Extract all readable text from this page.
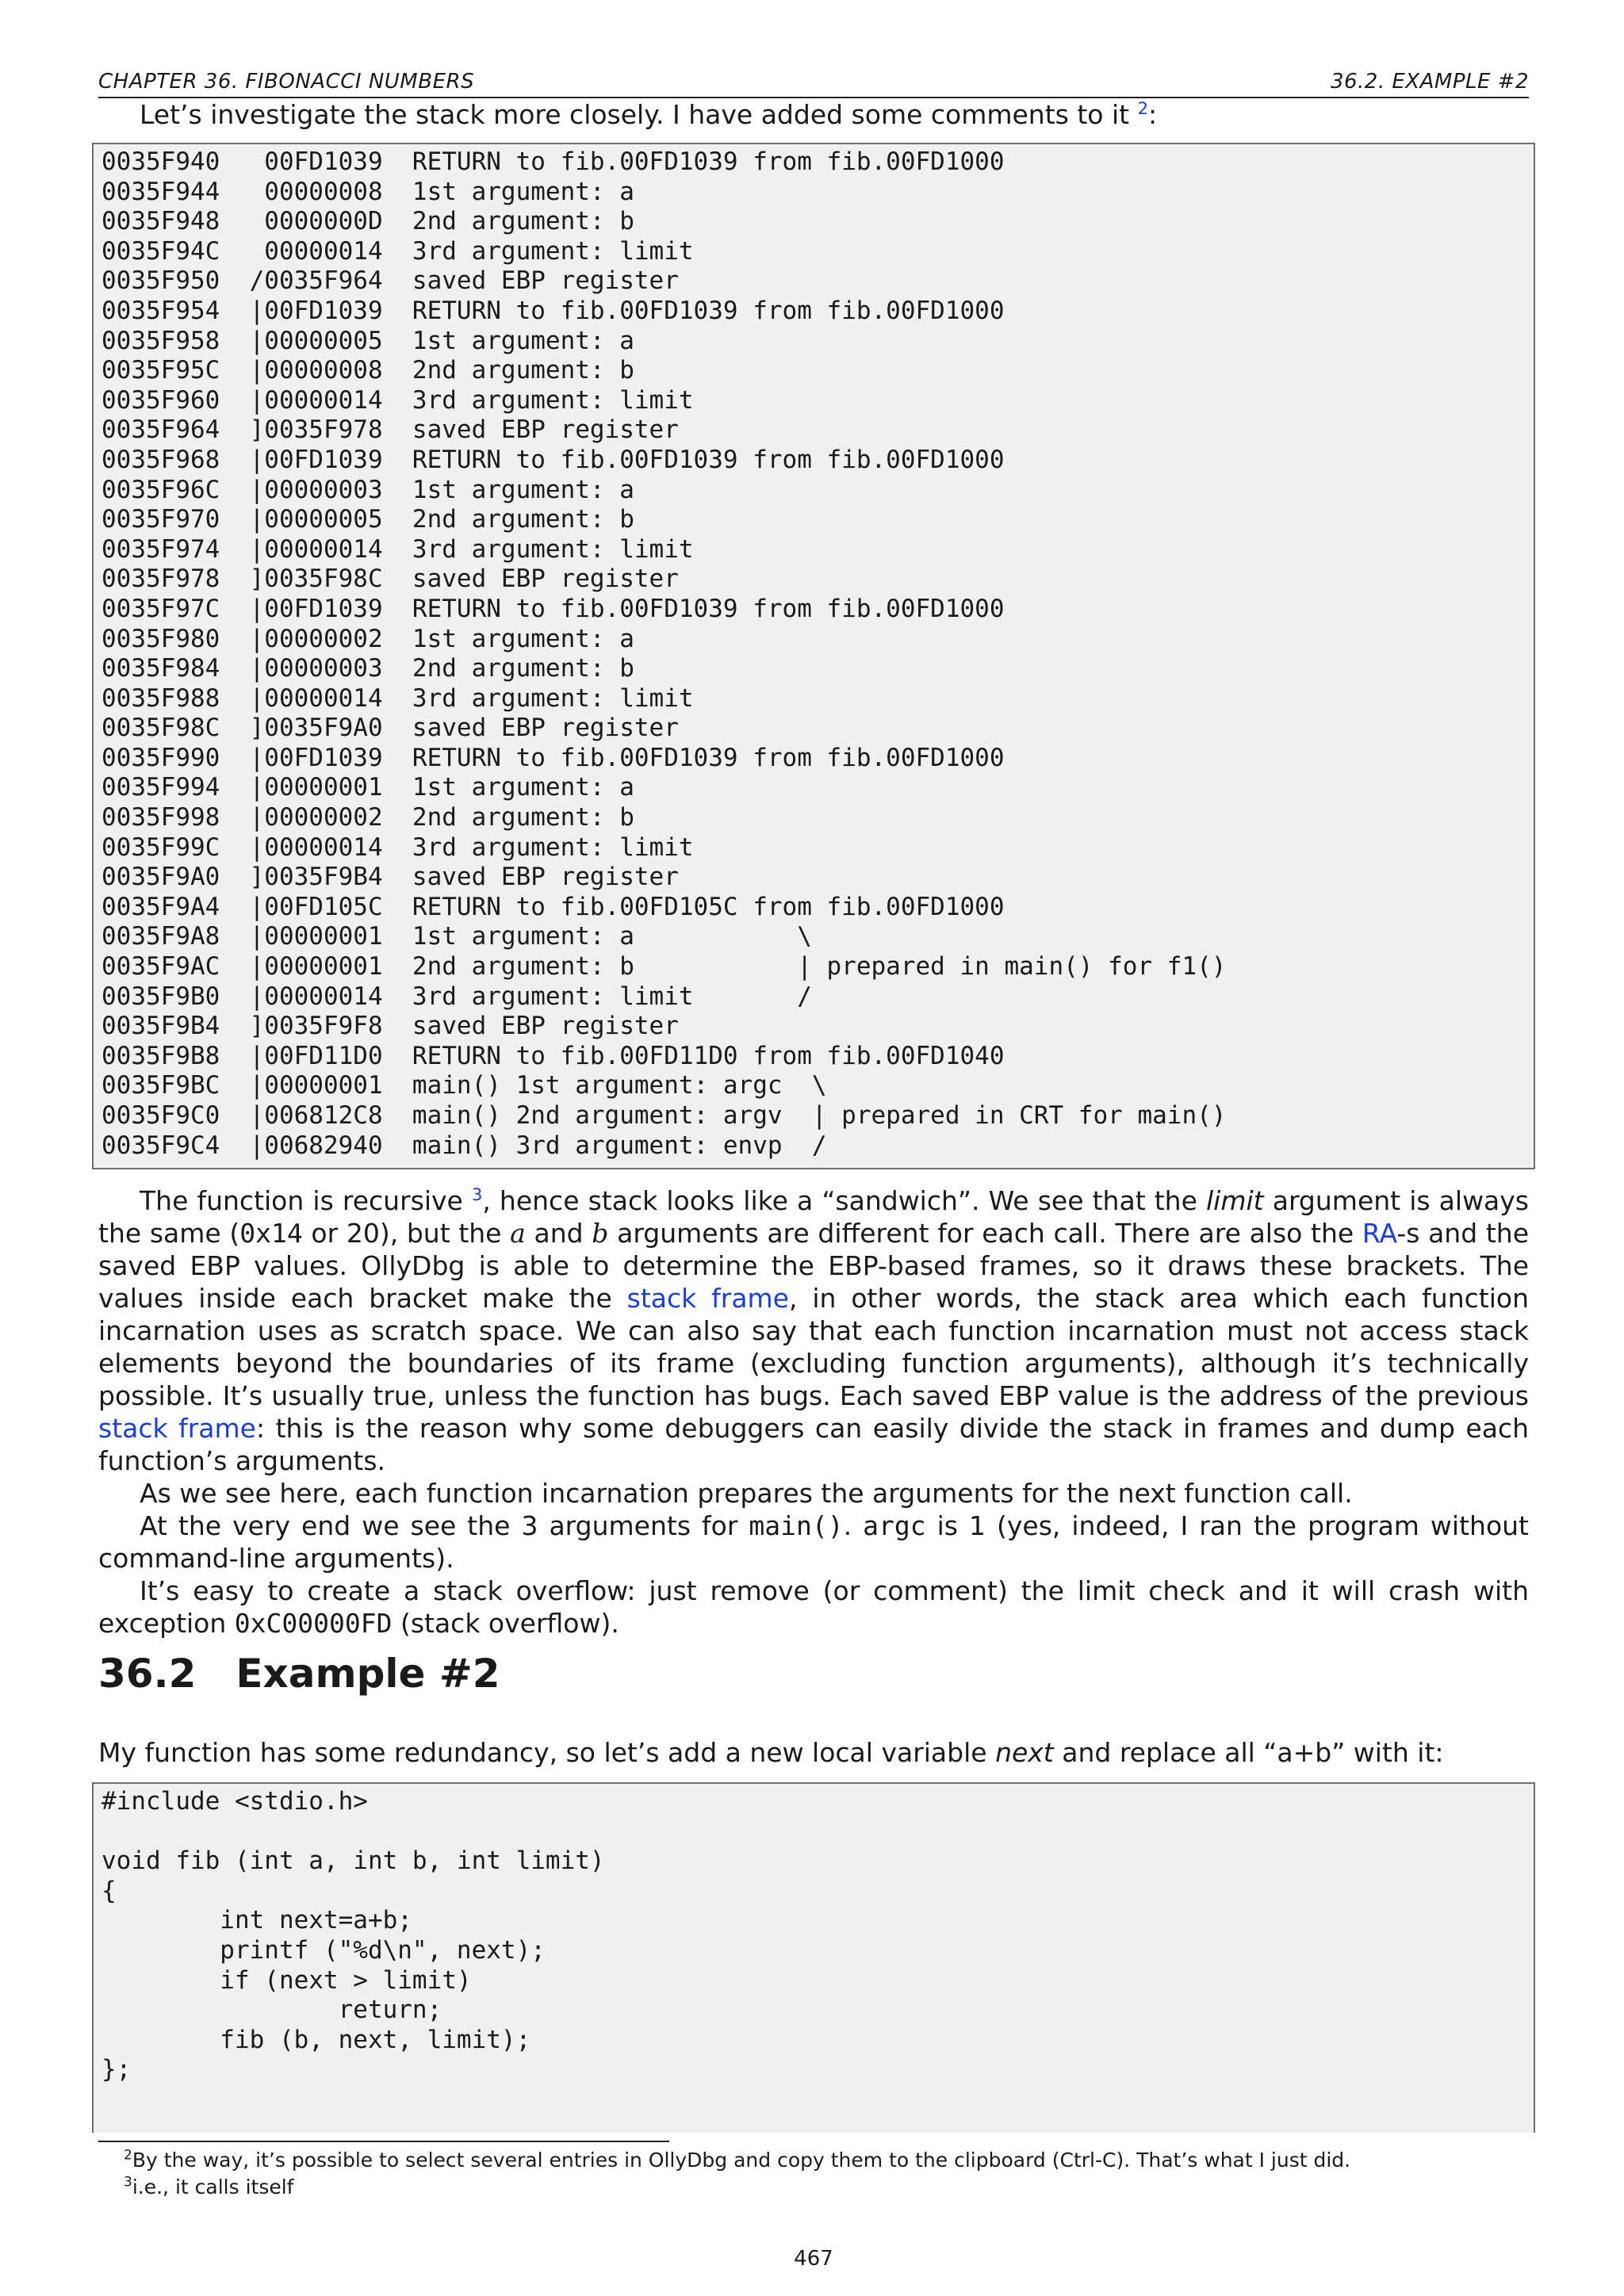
CHAPTER 36. FIBONACCI NUMBERS	36.2. EXAMPLE #2

Let’s investigate the stack more closely. I have added some comments to it $^2$:

0035F940   00FD1039  RETURN to fib.00FD1039 from fib.00FD1000
0035F944   00000008  1st argument: a
0035F948   0000000D  2nd argument: b
0035F94C   00000014  3rd argument: limit
0035F950  /0035F964  saved EBP register
0035F954  |00FD1039  RETURN to fib.00FD1039 from fib.00FD1000
0035F958  |00000005  1st argument: a
0035F95C  |00000008  2nd argument: b
0035F960  |00000014  3rd argument: limit
0035F964  ]0035F978  saved EBP register
0035F968  |00FD1039  RETURN to fib.00FD1039 from fib.00FD1000
0035F96C  |00000003  1st argument: a
0035F970  |00000005  2nd argument: b
0035F974  |00000014  3rd argument: limit
0035F978  ]0035F98C  saved EBP register
0035F97C  |00FD1039  RETURN to fib.00FD1039 from fib.00FD1000
0035F980  |00000002  1st argument: a
0035F984  |00000003  2nd argument: b
0035F988  |00000014  3rd argument: limit
0035F98C  ]0035F9A0  saved EBP register
0035F990  |00FD1039  RETURN to fib.00FD1039 from fib.00FD1000
0035F994  |00000001  1st argument: a
0035F998  |00000002  2nd argument: b
0035F99C  |00000014  3rd argument: limit
0035F9A0  ]0035F9B4  saved EBP register
0035F9A4  |00FD105C  RETURN to fib.00FD105C from fib.00FD1000
0035F9A8  |00000001  1st argument: a           \
0035F9AC  |00000001  2nd argument: b           | prepared in main() for f1()
0035F9B0  |00000014  3rd argument: limit       /
0035F9B4  ]0035F9F8  saved EBP register
0035F9B8  |00FD11D0  RETURN to fib.00FD11D0 from fib.00FD1040
0035F9BC  |00000001  main() 1st argument: argc  \
0035F9C0  |006812C8  main() 2nd argument: argv  | prepared in CRT for main()
0035F9C4  |00682940  main() 3rd argument: envp  /

The function is recursive $^3$, hence stack looks like a “sandwich”. We see that the limit argument is always the same (0x14 or 20), but the a and b arguments are different for each call. There are also the RA-s and the saved EBP values. OllyDbg is able to determine the EBP-based frames, so it draws these brackets. The values inside each bracket make the stack frame, in other words, the stack area which each function incarnation uses as scratch space. We can also say that each function incarnation must not access stack elements beyond the boundaries of its frame (excluding function arguments), although it’s technically possible. It’s usually true, unless the function has bugs. Each saved EBP value is the address of the previous stack frame: this is the reason why some debuggers can easily divide the stack in frames and dump each function’s arguments.

As we see here, each function incarnation prepares the arguments for the next function call.

At the very end we see the 3 arguments for main(). argc is 1 (yes, indeed, I ran the program without command-line arguments).

It’s easy to create a stack overflow: just remove (or comment) the limit check and it will crash with exception 0xC00000FD (stack overflow).

36.2 Example #2

My function has some redundancy, so let’s add a new local variable next and replace all “a+b” with it:

#include <stdio.h>

void fib (int a, int b, int limit)
{
int next=a+b;
printf ("%d\n", next);
if (next > limit)
return;
fib (b, next, limit);
};
$^2$By the way, it’s possible to select several entries in OllyDbg and copy them to the clipboard (Ctrl-C). That’s what I just did.
$^3$i.e., it calls itself
467
